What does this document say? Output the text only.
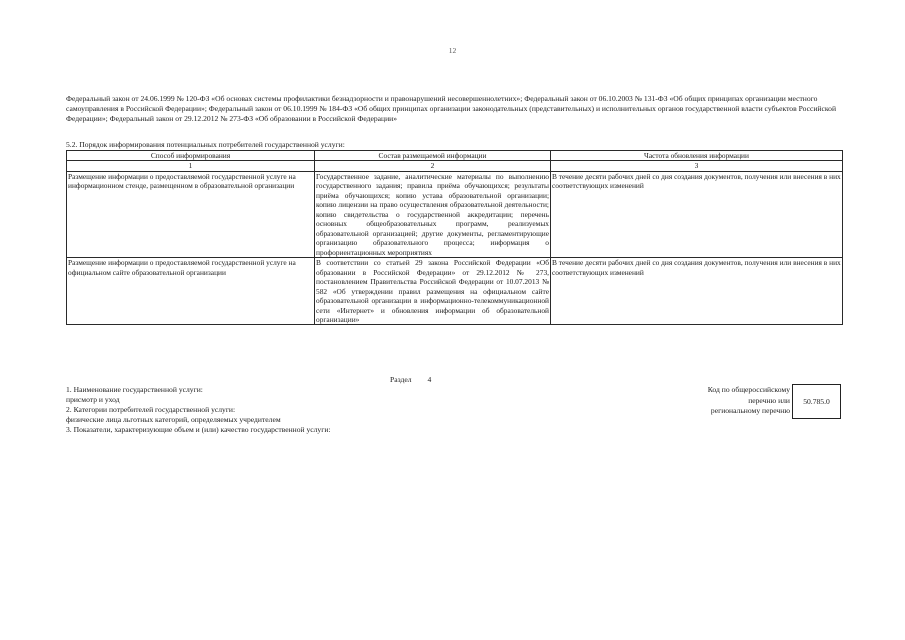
12
Федеральный закон от 24.06.1999 № 120-ФЗ «Об основах системы профилактики безнадзорности и правонарушений несовершеннолетних»; Федеральный закон от 06.10.2003 № 131-ФЗ «Об общих принципах организации местного самоуправления в Российской Федерации»; Федеральный закон от 06.10.1999 № 184-ФЗ «Об общих принципах организации законодательных (представительных) и исполнительных органов государственной власти субъектов Российской Федерации»; Федеральный закон от 29.12.2012 № 273-ФЗ «Об образовании в Российской Федерации»
5.2. Порядок информирования потенциальных потребителей государственной услуги:
Способ информирования	Состав размещаемой информации	Частота обновления информации
1	2	3
Размещение информации о предоставляемой государственной услуге на информационном стенде, размещенном в образовательной организации	Государственное задание, аналитические материалы по выполнению государственного задания; правила приёма обучающихся; результаты приёма обучающихся; копию устава образовательной организации; копию лицензии на право осуществления образовательной деятельности; копию свидетельства о государственной аккредитации; перечень основных общеобразовательных программ, реализуемых образовательной организацией; другие документы, регламентирующие организацию образовательного процесса; информация о профориентационных мероприятиях	В течение десяти рабочих дней со дня создания документов, получения или внесения в них соответствующих изменений
Размещение информации о предоставляемой государственной услуге на официальном сайте образовательной организации	В соответствии со статьей 29 закона Российской Федерации «Об образовании в Российской Федерации» от 29.12.2012 № 273, постановлением Правительства Российской Федерации от 10.07.2013 № 582 «Об утверждении правил размещения на официальном сайте образовательной организации в информационно-телекоммуникационной сети «Интернет» и обновления информации об образовательной организации»	В течение десяти рабочих дней со дня создания документов, получения или внесения в них соответствующих изменений
Раздел 4
1. Наименование государственной услуги:
присмотр и уход
2. Категории потребителей государственной услуги:
физические лица льготных категорий, определяемых учредителем
3. Показатели, характеризующие объем и (или) качество государственной услуги:
Код по общероссийскому
перечню или
региональному перечню
50.785.0
